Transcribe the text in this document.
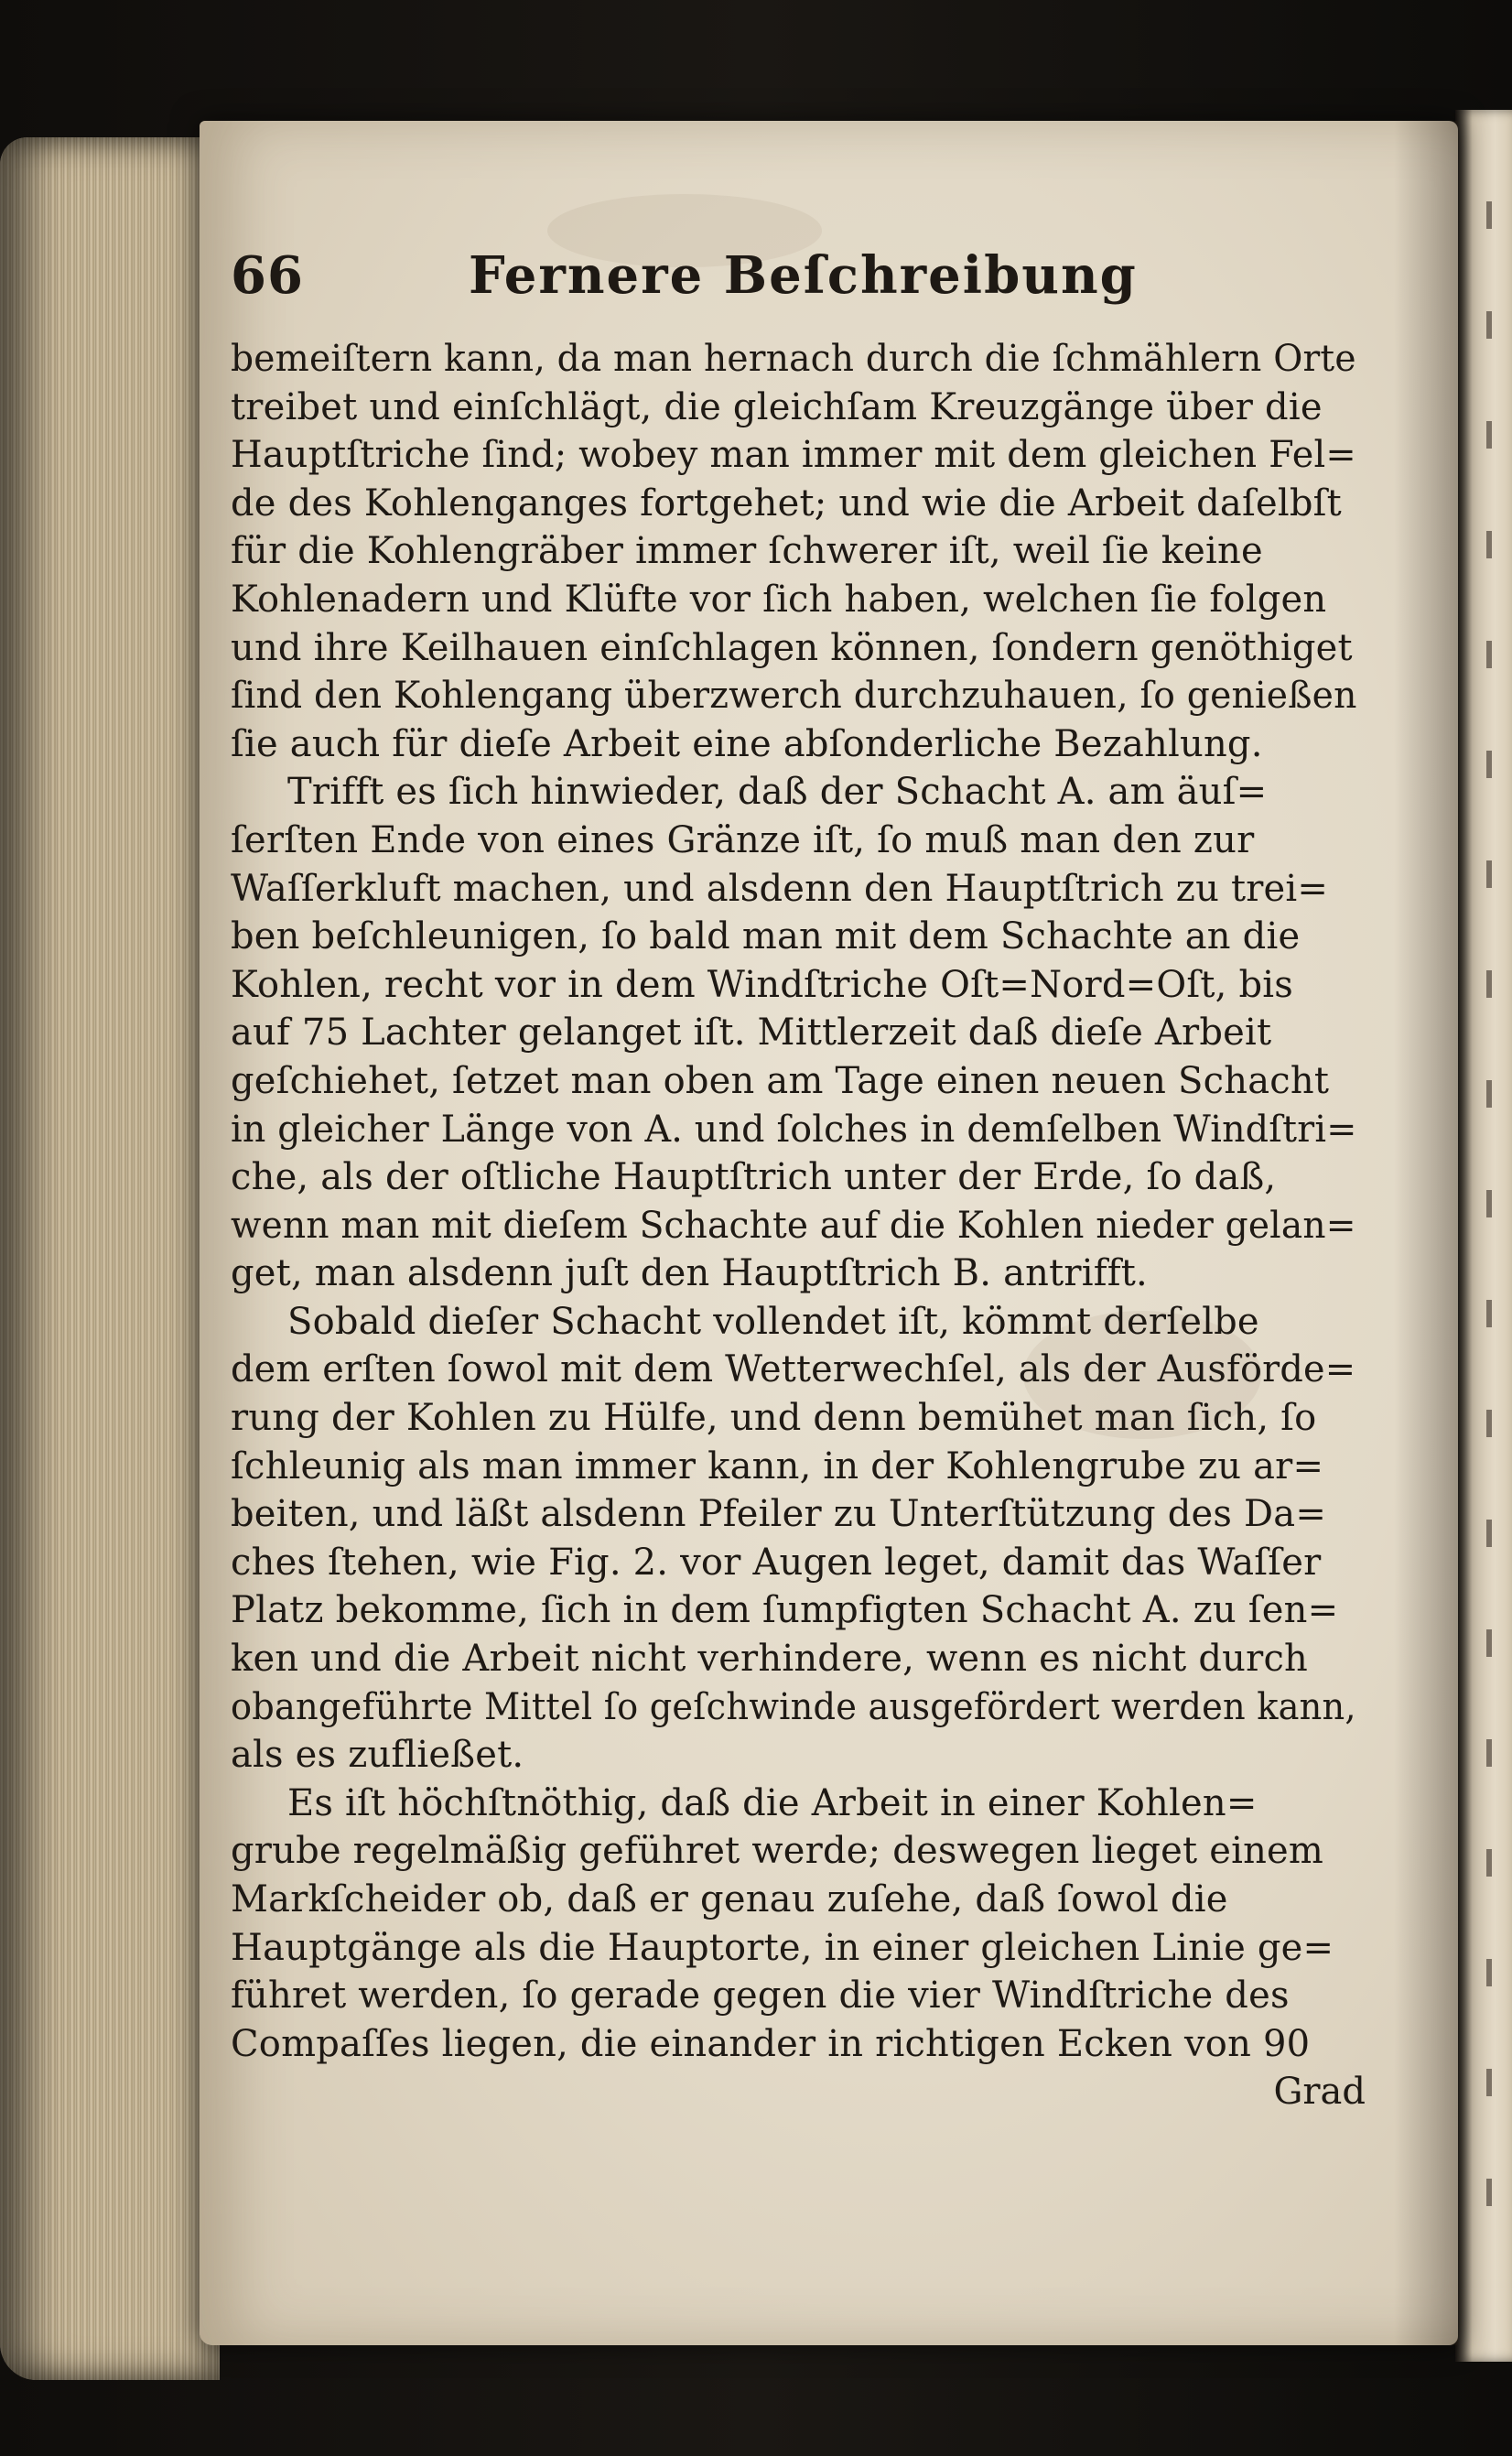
66	Fernere Beſchreibung
bemeiſtern kann, da man hernach durch die ſchmählern Orte
treibet und einſchlägt, die gleichſam Kreuzgänge über die
Hauptſtriche ſind; wobey man immer mit dem gleichen Fel=
de des Kohlenganges fortgehet; und wie die Arbeit daſelbſt
für die Kohlengräber immer ſchwerer iſt, weil ſie keine
Kohlenadern und Klüfte vor ſich haben, welchen ſie folgen
und ihre Keilhauen einſchlagen können, ſondern genöthiget
ſind den Kohlengang überzwerch durchzuhauen, ſo genießen
ſie auch für dieſe Arbeit eine abſonderliche Bezahlung.
Trifft es ſich hinwieder, daß der Schacht A. am äuſ=
ſerſten Ende von eines Gränze iſt, ſo muß man den zur
Waſſerkluft machen, und alsdenn den Hauptſtrich zu trei=
ben beſchleunigen, ſo bald man mit dem Schachte an die
Kohlen, recht vor in dem Windſtriche Oſt=Nord=Oſt, bis
auf 75 Lachter gelanget iſt. Mittlerzeit daß dieſe Arbeit
geſchiehet, ſetzet man oben am Tage einen neuen Schacht
in gleicher Länge von A. und ſolches in demſelben Windſtri=
che, als der oſtliche Hauptſtrich unter der Erde, ſo daß,
wenn man mit dieſem Schachte auf die Kohlen nieder gelan=
get, man alsdenn juſt den Hauptſtrich B. antrifft.
Sobald dieſer Schacht vollendet iſt, kömmt derſelbe
dem erſten ſowol mit dem Wetterwechſel, als der Ausförde=
rung der Kohlen zu Hülfe, und denn bemühet man ſich, ſo
ſchleunig als man immer kann, in der Kohlengrube zu ar=
beiten, und läßt alsdenn Pfeiler zu Unterſtützung des Da=
ches ſtehen, wie Fig. 2. vor Augen leget, damit das Waſſer
Platz bekomme, ſich in dem ſumpfigten Schacht A. zu ſen=
ken und die Arbeit nicht verhindere, wenn es nicht durch
obangeführte Mittel ſo geſchwinde ausgefördert werden kann,
als es zufließet.
Es iſt höchſtnöthig, daß die Arbeit in einer Kohlen=
grube regelmäßig geführet werde; deswegen lieget einem
Markſcheider ob, daß er genau zuſehe, daß ſowol die
Hauptgänge als die Hauptorte, in einer gleichen Linie ge=
führet werden, ſo gerade gegen die vier Windſtriche des
Compaſſes liegen, die einander in richtigen Ecken von 90
Grad
